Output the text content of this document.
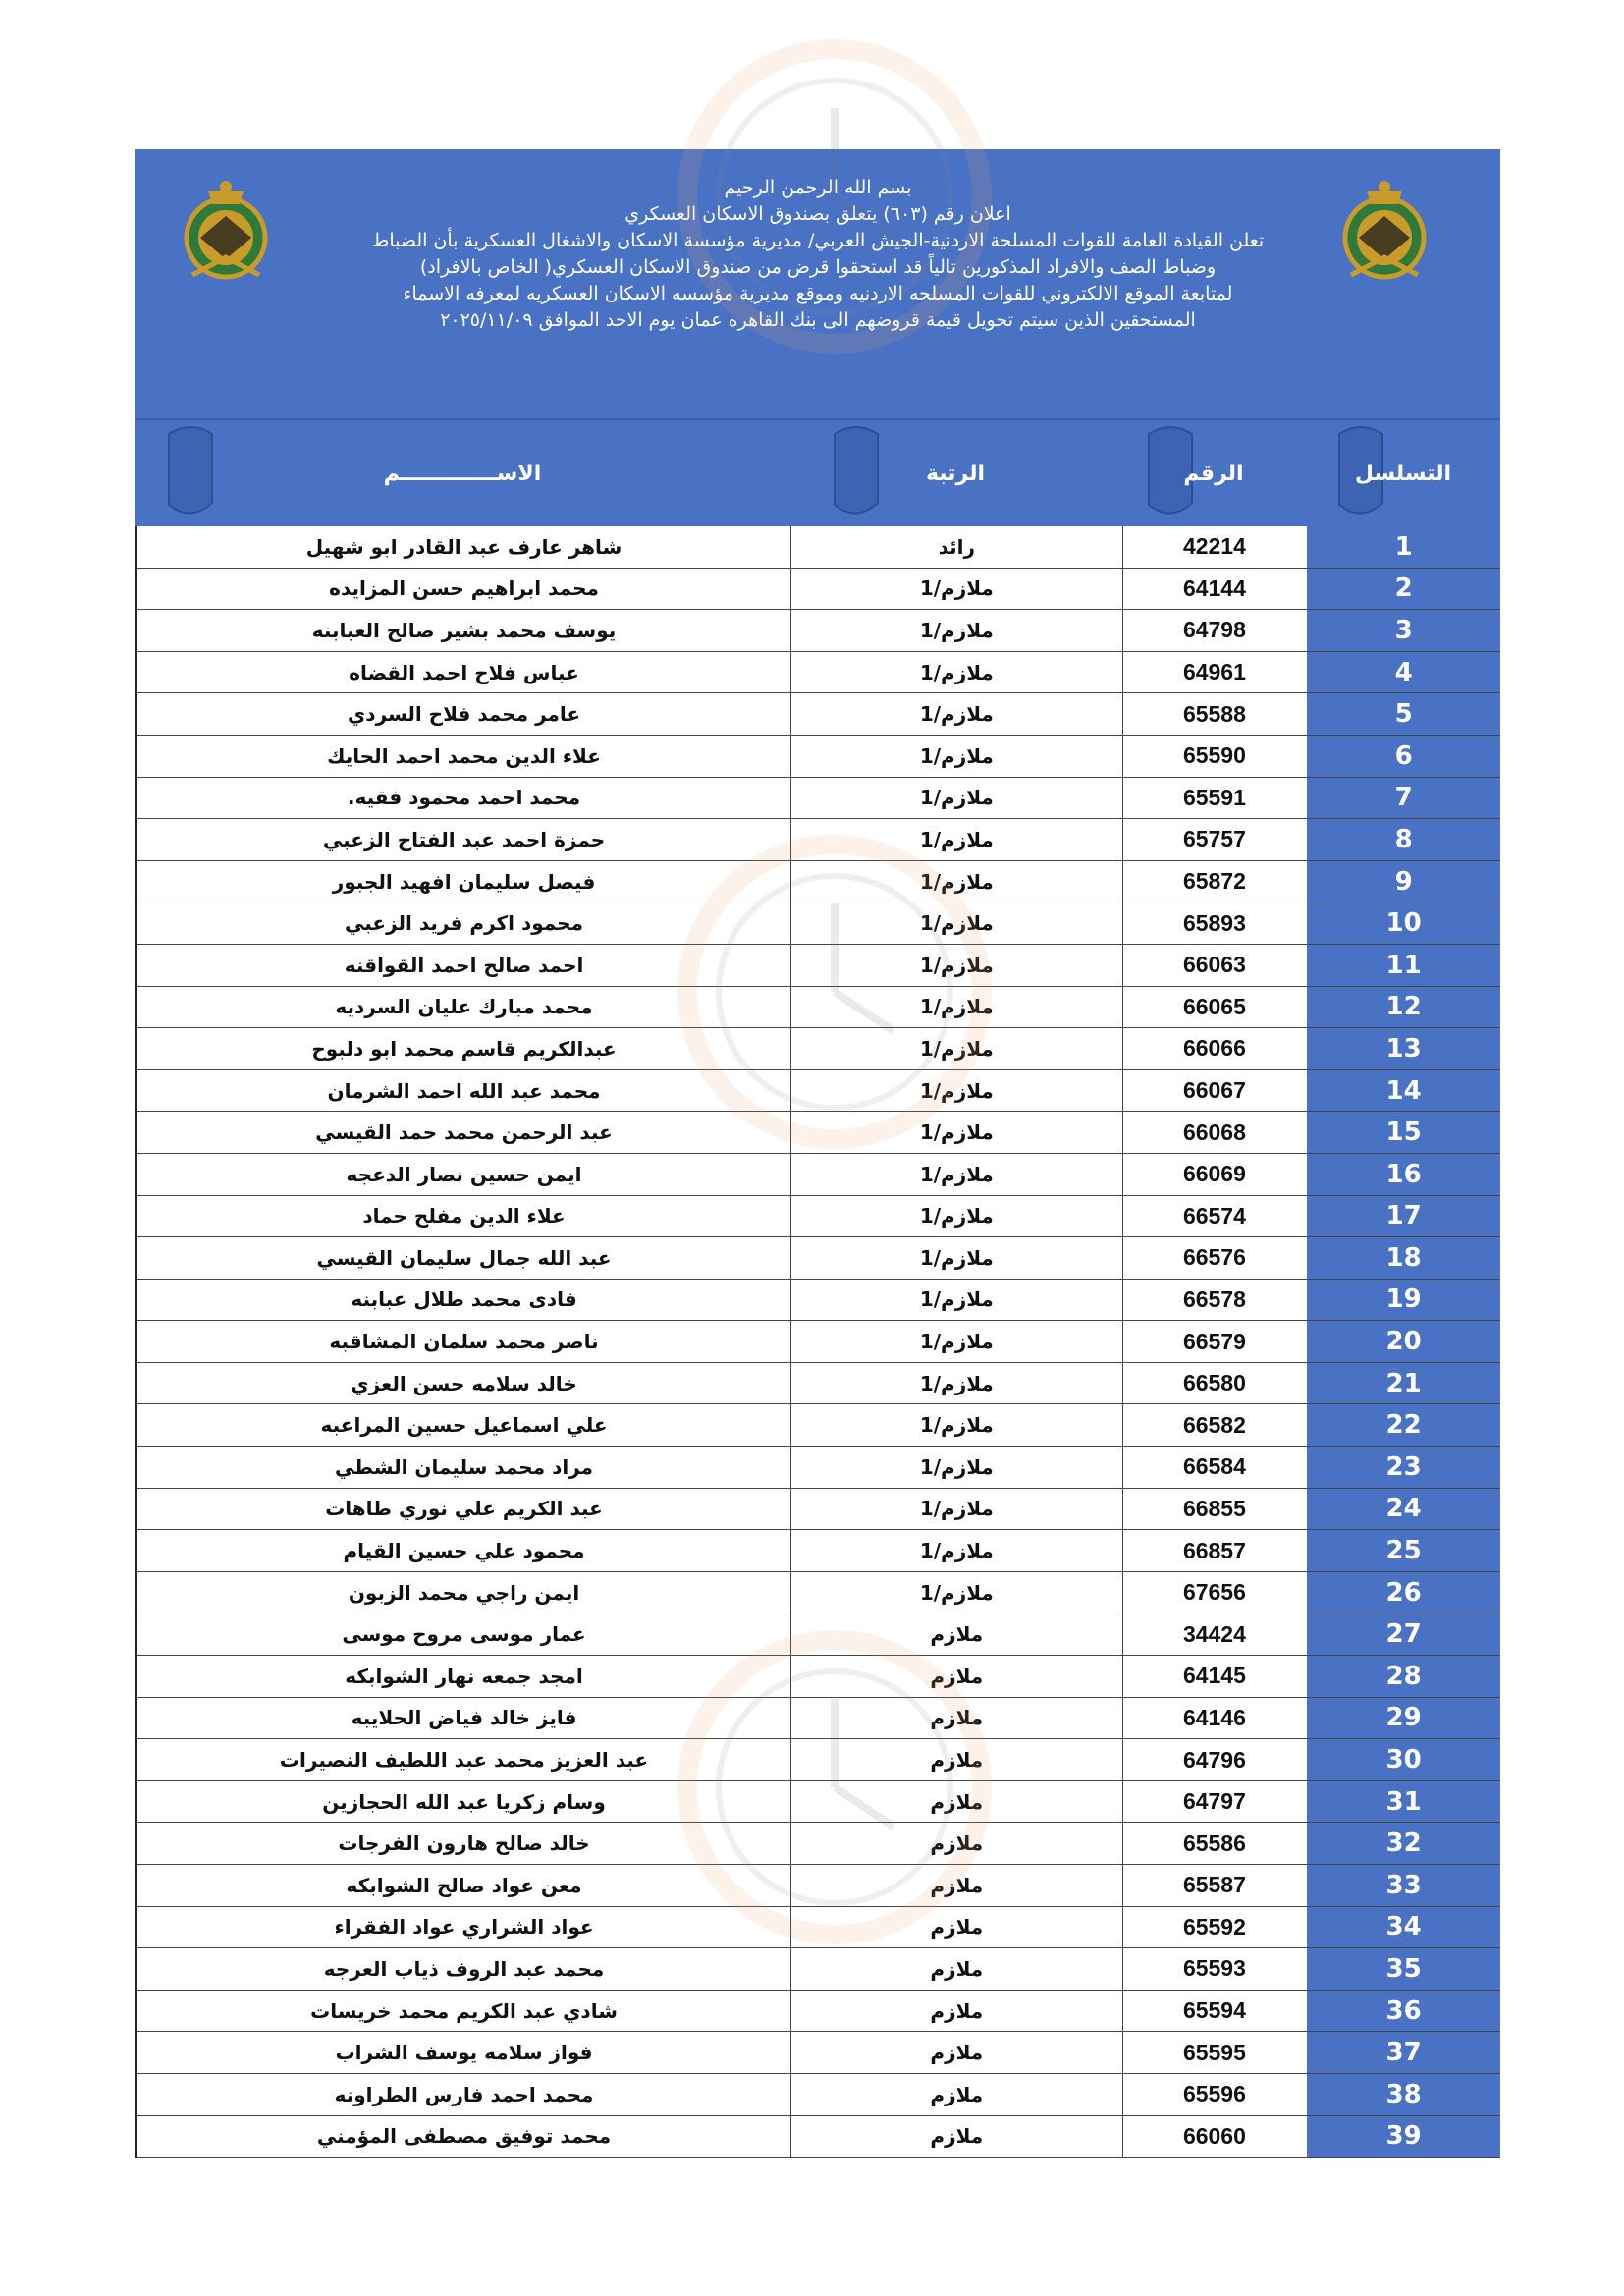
بسم الله الرحمن الرحيم
اعلان رقم (٦٠٣) يتعلق بصندوق الاسكان العسكري
تعلن القيادة العامة للقوات المسلحة الاردنية-الجيش العربي/ مديرية مؤسسة الاسكان والاشغال العسكرية بأن الضباط
وضباط الصف والافراد المذكورين تالياً قد استحقوا قرض من صندوق الاسكان العسكري( الخاص بالافراد)
لمتابعة الموقع الالكتروني للقوات المسلحه الاردنيه وموقع مديرية مؤسسه الاسكان العسكريه لمعرفه الاسماء
المستحقين الذين سيتم تحويل قيمة قروضهم الى بنك القاهره عمان يوم الاحد الموافق ٢٠٢٥/١١/٠٩
التسلسل
الرقم
الرتبة
الاســـــــــــــم
1
42214
رائد
شاهر عارف عبد القادر ابو شهيل
2
64144
ملازم/1
محمد ابراهيم حسن المزايده
3
64798
ملازم/1
يوسف محمد بشير صالح العبابنه
4
64961
ملازم/1
عباس فلاح احمد القضاه
5
65588
ملازم/1
عامر محمد فلاح السردي
6
65590
ملازم/1
علاء الدين محمد احمد الحايك
7
65591
ملازم/1
محمد احمد محمود فقيه.
8
65757
ملازم/1
حمزة احمد عبد الفتاح الزعبي
9
65872
ملازم/1
فيصل سليمان افهيد الجبور
10
65893
ملازم/1
محمود اكرم فريد الزعبي
11
66063
ملازم/1
احمد صالح احمد القواقنه
12
66065
ملازم/1
محمد مبارك عليان السرديه
13
66066
ملازم/1
عبدالكريم قاسم محمد ابو دلبوح
14
66067
ملازم/1
محمد عبد الله احمد الشرمان
15
66068
ملازم/1
عبد الرحمن محمد حمد القيسي
16
66069
ملازم/1
ايمن حسين نصار الدعجه
17
66574
ملازم/1
علاء الدين مفلح حماد
18
66576
ملازم/1
عبد الله جمال سليمان القيسي
19
66578
ملازم/1
فادى محمد طلال عبابنه
20
66579
ملازم/1
ناصر محمد سلمان المشاقبه
21
66580
ملازم/1
خالد سلامه حسن العزي
22
66582
ملازم/1
علي اسماعيل حسين المراعبه
23
66584
ملازم/1
مراد محمد سليمان الشطي
24
66855
ملازم/1
عبد الكريم علي نوري طاهات
25
66857
ملازم/1
محمود علي حسين القيام
26
67656
ملازم/1
ايمن راجي محمد الزبون
27
34424
ملازم
عمار موسى مروح موسى
28
64145
ملازم
امجد جمعه نهار الشوابكه
29
64146
ملازم
فايز خالد فياض الحلايبه
30
64796
ملازم
عبد العزيز محمد عبد اللطيف النصيرات
31
64797
ملازم
وسام زكريا عبد الله الحجازين
32
65586
ملازم
خالد صالح هارون الفرجات
33
65587
ملازم
معن عواد صالح الشوابكه
34
65592
ملازم
عواد الشراري عواد الفقراء
35
65593
ملازم
محمد عبد الروف ذياب العرجه
36
65594
ملازم
شادي عبد الكريم محمد خريسات
37
65595
ملازم
فواز سلامه يوسف الشراب
38
65596
ملازم
محمد احمد فارس الطراونه
39
66060
ملازم
محمد توفيق مصطفى المؤمني
